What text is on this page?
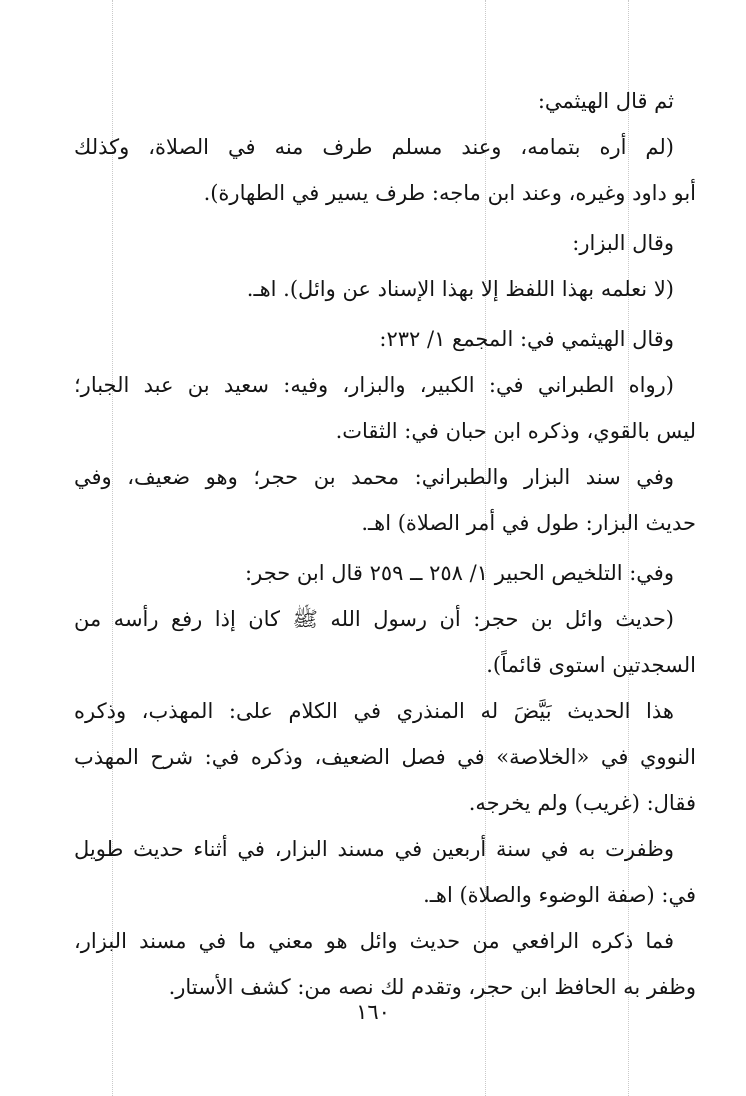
ثم قال الهيثمي:
(لم أره بتمامه، وعند مسلم طرف منه في الصلاة، وكذلك
أبو داود وغيره، وعند ابن ماجه: طرف يسير في الطهارة).
وقال البزار:
(لا نعلمه بهذا اللفظ إلا بهذا الإسناد عن وائل). اهـ.
وقال الهيثمي في: المجمع ١/ ٢٣٢:
(رواه الطبراني في: الكبير، والبزار، وفيه: سعيد بن عبد الجبار؛
ليس بالقوي، وذكره ابن حبان في: الثقات.
وفي سند البزار والطبراني: محمد بن حجر؛ وهو ضعيف، وفي
حديث البزار: طول في أمر الصلاة) اهـ.
وفي: التلخيص الحبير ١/ ٢٥٨ ــ ٢٥٩ قال ابن حجر:
(حديث وائل بن حجر: أن رسول الله ﷺ كان إذا رفع رأسه من
السجدتين استوى قائماً).
هذا الحديث بَيَّضَ له المنذري في الكلام على: المهذب، وذكره
النووي في «الخلاصة» في فصل الضعيف، وذكره في: شرح المهذب
فقال: (غريب) ولم يخرجه.
وظفرت به في سنة أربعين في مسند البزار، في أثناء حديث طويل
في: (صفة الوضوء والصلاة) اهـ.
فما ذكره الرافعي من حديث وائل هو معني ما في مسند البزار،
وظفر به الحافظ ابن حجر، وتقدم لك نصه من: كشف الأستار.
١٦٠
